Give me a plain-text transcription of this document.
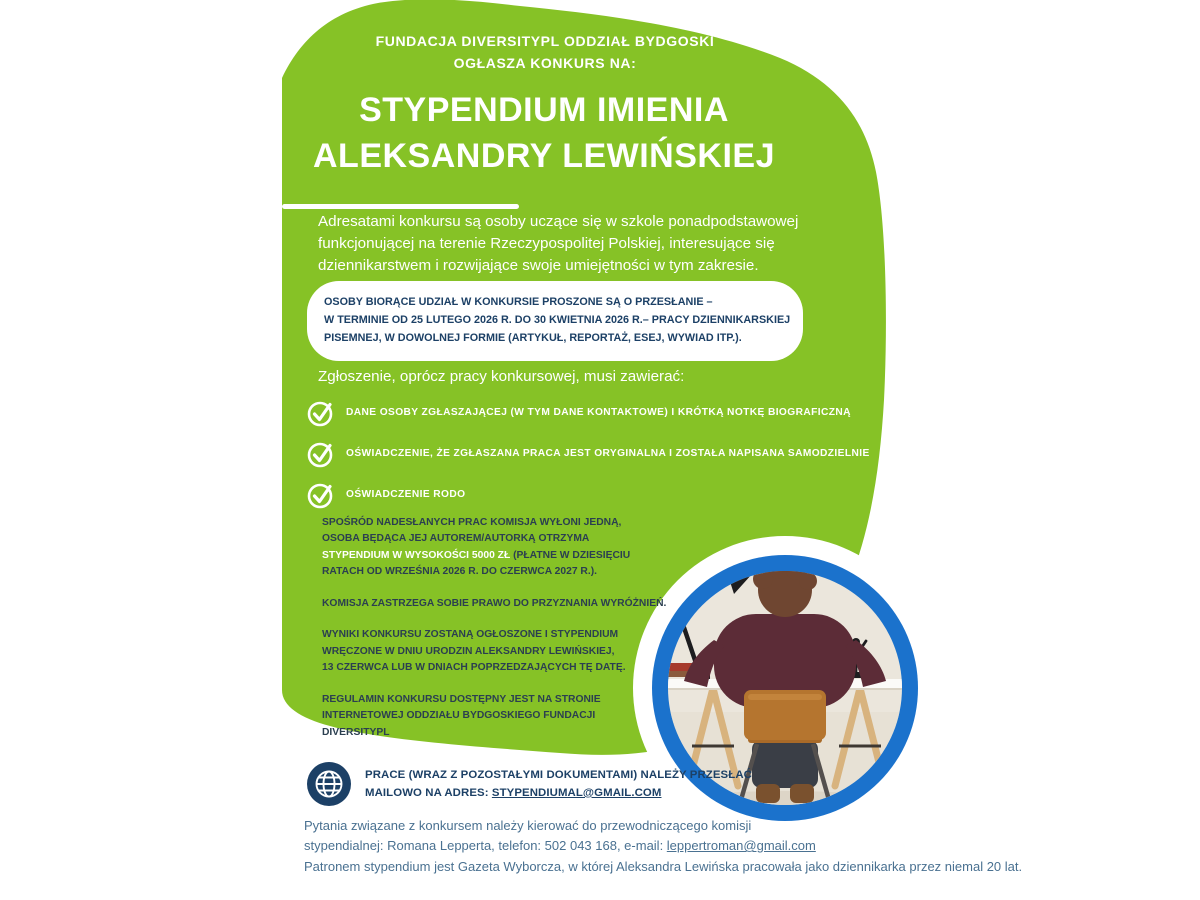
FUNDACJA DIVERSITYPL ODDZIAŁ BYDGOSKI
OGŁASZA KONKURS NA:
STYPENDIUM IMIENIA
ALEKSANDRY LEWIŃSKIEJ
Adresatami konkursu są osoby uczące się w szkole ponadpodstawowej
funkcjonującej na terenie Rzeczypospolitej Polskiej, interesujące się
dziennikarstwem i rozwijające swoje umiejętności w tym zakresie.
OSOBY BIORĄCE UDZIAŁ W KONKURSIE PROSZONE SĄ O PRZESŁANIE –
W TERMINIE OD 25 LUTEGO 2026 R. DO 30 KWIETNIA 2026 R.– PRACY DZIENNIKARSKIEJ
PISEMNEJ, W DOWOLNEJ FORMIE (ARTYKUŁ, REPORTAŻ, ESEJ, WYWIAD ITP.).
Zgłoszenie, oprócz pracy konkursowej, musi zawierać:
DANE OSOBY ZGŁASZAJĄCEJ (W TYM DANE KONTAKTOWE) I KRÓTKĄ NOTKĘ BIOGRAFICZNĄ
OŚWIADCZENIE, ŻE ZGŁASZANA PRACA JEST ORYGINALNA I ZOSTAŁA NAPISANA SAMODZIELNIE
OŚWIADCZENIE RODO
SPOŚRÓD NADESŁANYCH PRAC KOMISJA WYŁONI JEDNĄ,
OSOBA BĘDĄCA JEJ AUTOREM/AUTORKĄ OTRZYMA
STYPENDIUM W WYSOKOŚCI 5000 ZŁ (PŁATNE W DZIESIĘCIU
RATACH OD WRZEŚNIA 2026 R. DO CZERWCA 2027 R.).
KOMISJA ZASTRZEGA SOBIE PRAWO DO PRZYZNANIA WYRÓŻNIEŃ.
WYNIKI KONKURSU ZOSTANĄ OGŁOSZONE I STYPENDIUM
WRĘCZONE W DNIU URODZIN ALEKSANDRY LEWIŃSKIEJ,
13 CZERWCA LUB W DNIACH POPRZEDZAJĄCYCH TĘ DATĘ.
REGULAMIN KONKURSU DOSTĘPNY JEST NA STRONIE
INTERNETOWEJ ODDZIAŁU BYDGOSKIEGO FUNDACJI
DIVERSITYPL
PRACE (WRAZ Z POZOSTAŁYMI DOKUMENTAMI) NALEŻY PRZESŁAĆ
MAILOWO NA ADRES: STYPENDIUMAL@GMAIL.COM
Pytania związane z konkursem należy kierować do przewodniczącego komisji
stypendialnej: Romana Lepperta, telefon: 502 043 168, e-mail: leppertroman@gmail.com
Patronem stypendium jest Gazeta Wyborcza, w której Aleksandra Lewińska pracowała jako dziennikarka przez niemal 20 lat.
